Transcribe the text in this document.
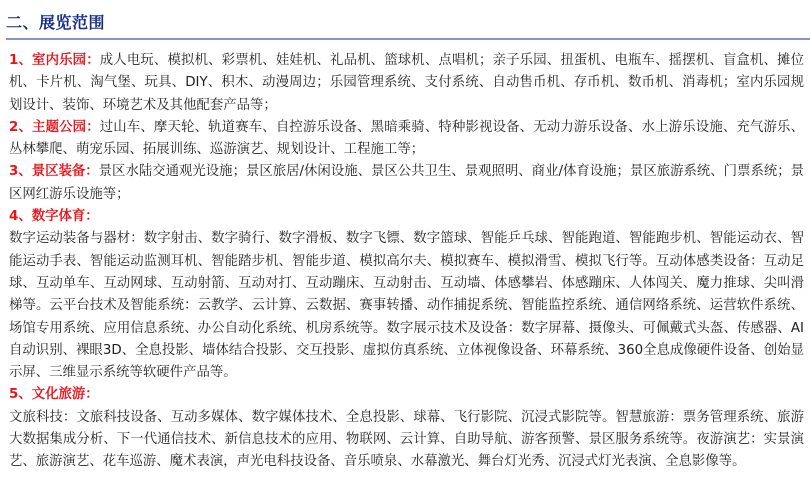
二、展览范围

1、室内乐园：成人电玩、模拟机、彩票机、娃娃机、礼品机、篮球机、点唱机；亲子乐园、扭蛋机、电瓶车、摇摆机、盲盒机、摊位机、卡片机、淘气堡、玩具、DIY、积木、动漫周边；乐园管理系统、支付系统、自动售币机、存币机、数币机、消毒机；室内乐园规划设计、装饰、环境艺术及其他配套产品等；

2、主题公园：过山车、摩天轮、轨道赛车、自控游乐设备、黑暗乘骑、特种影视设备、无动力游乐设备、水上游乐设施、充气游乐、丛林攀爬、萌宠乐园、拓展训练、巡游演艺、规划设计、工程施工等；

3、景区装备：景区水陆交通观光设施；景区旅居/休闲设施、景区公共卫生、景观照明、商业/体育设施；景区旅游系统、门票系统；景区网红游乐设施等；

4、数字体育：

数字运动装备与器材：数字射击、数字骑行、数字滑板、数字飞镖、数字篮球、智能乒乓球、智能跑道、智能跑步机、智能运动衣、智能运动手表、智能运动监测耳机、智能踏步机、智能步道、模拟高尔夫、模拟赛车、模拟滑雪、模拟飞行等。互动体感类设备：互动足球、互动单车、互动网球、互动射箭、互动对打、互动蹦床、互动射击、互动墙、体感攀岩、体感蹦床、人体闯关、魔力推球、尖叫滑梯等。云平台技术及智能系统：云教学、云计算、云数据、赛事转播、动作捕捉系统、智能监控系统、通信网络系统、运营软件系统、场馆专用系统、应用信息系统、办公自动化系统、机房系统等。数字展示技术及设备：数字屏幕、摄像头、可佩戴式头盔、传感器、AI自动识别、裸眼3D、全息投影、墙体结合投影、交互投影、虚拟仿真系统、立体视像设备、环幕系统、360全息成像硬件设备、创始显示屏、三维显示系统等软硬件产品等。

5、文化旅游：

文旅科技：文旅科技设备、互动多媒体、数字媒体技术、全息投影、球幕、飞行影院、沉浸式影院等。智慧旅游：票务管理系统、旅游大数据集成分析、下一代通信技术、新信息技术的应用、物联网、云计算、自助导航、游客预警、景区服务系统等。夜游演艺：实景演艺、旅游演艺、花车巡游、魔术表演，声光电科技设备、音乐喷泉、水幕激光、舞台灯光秀、沉浸式灯光表演、全息影像等。
